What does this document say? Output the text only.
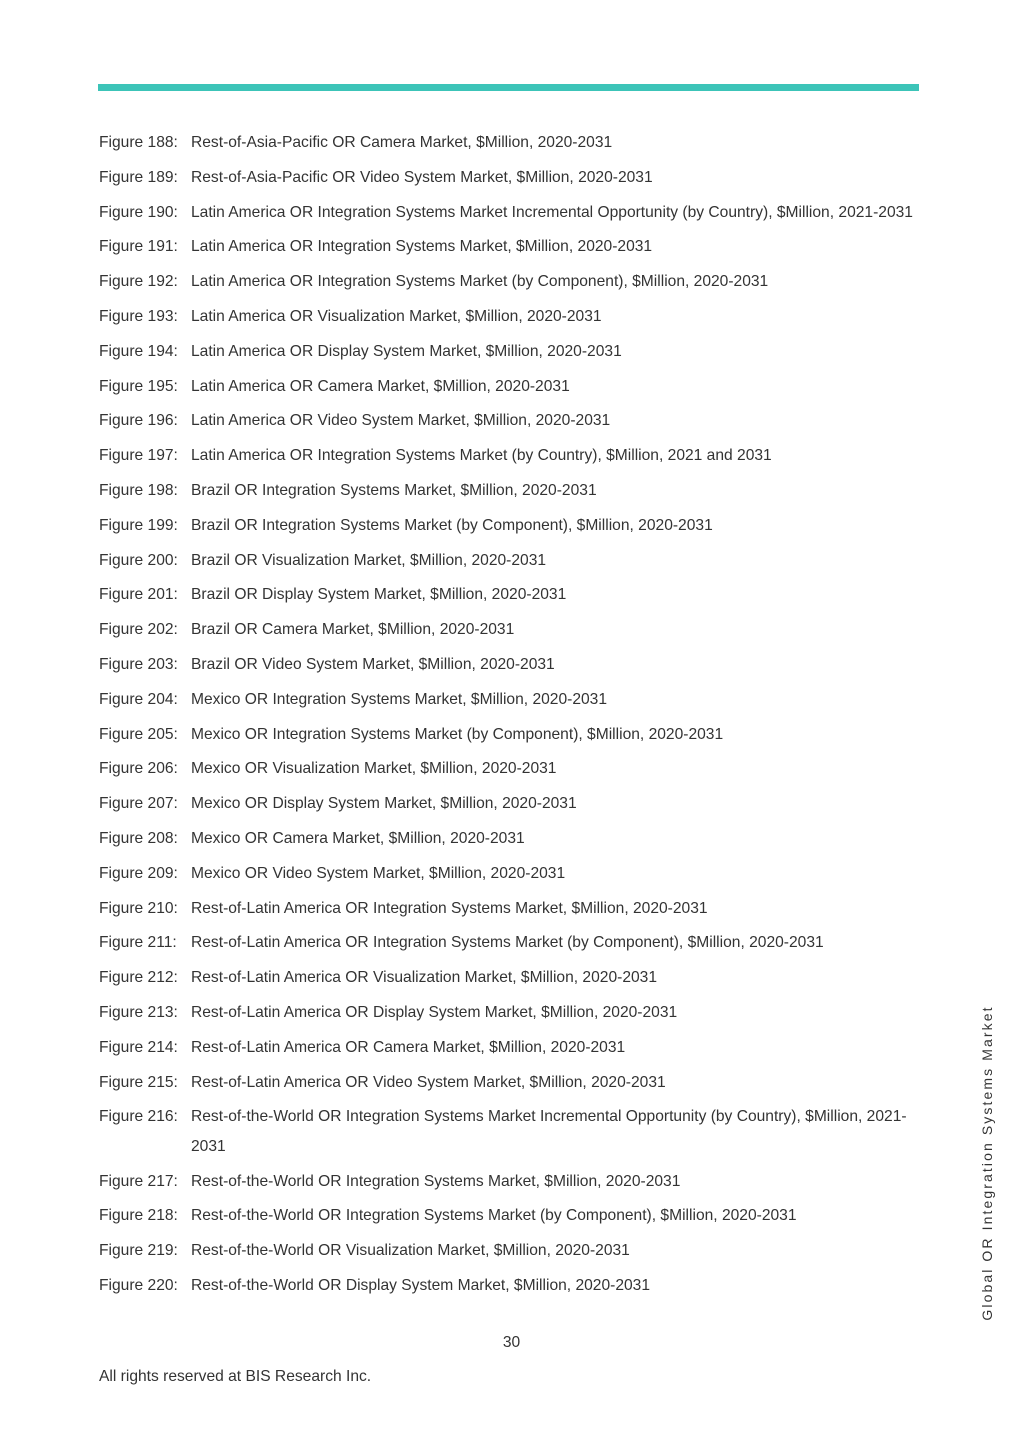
Figure 188: Rest-of-Asia-Pacific OR Camera Market, $Million, 2020-2031
Figure 189: Rest-of-Asia-Pacific OR Video System Market, $Million, 2020-2031
Figure 190: Latin America OR Integration Systems Market Incremental Opportunity (by Country), $Million, 2021-2031
Figure 191: Latin America OR Integration Systems Market, $Million, 2020-2031
Figure 192: Latin America OR Integration Systems Market (by Component), $Million, 2020-2031
Figure 193: Latin America OR Visualization Market, $Million, 2020-2031
Figure 194: Latin America OR Display System Market, $Million, 2020-2031
Figure 195: Latin America OR Camera Market, $Million, 2020-2031
Figure 196: Latin America OR Video System Market, $Million, 2020-2031
Figure 197: Latin America OR Integration Systems Market (by Country), $Million, 2021 and 2031
Figure 198: Brazil OR Integration Systems Market, $Million, 2020-2031
Figure 199: Brazil OR Integration Systems Market (by Component), $Million, 2020-2031
Figure 200: Brazil OR Visualization Market, $Million, 2020-2031
Figure 201: Brazil OR Display System Market, $Million, 2020-2031
Figure 202: Brazil OR Camera Market, $Million, 2020-2031
Figure 203: Brazil OR Video System Market, $Million, 2020-2031
Figure 204: Mexico OR Integration Systems Market, $Million, 2020-2031
Figure 205: Mexico OR Integration Systems Market (by Component), $Million, 2020-2031
Figure 206: Mexico OR Visualization Market, $Million, 2020-2031
Figure 207: Mexico OR Display System Market, $Million, 2020-2031
Figure 208: Mexico OR Camera Market, $Million, 2020-2031
Figure 209: Mexico OR Video System Market, $Million, 2020-2031
Figure 210: Rest-of-Latin America OR Integration Systems Market, $Million, 2020-2031
Figure 211: Rest-of-Latin America OR Integration Systems Market (by Component), $Million, 2020-2031
Figure 212: Rest-of-Latin America OR Visualization Market, $Million, 2020-2031
Figure 213: Rest-of-Latin America OR Display System Market, $Million, 2020-2031
Figure 214: Rest-of-Latin America OR Camera Market, $Million, 2020-2031
Figure 215: Rest-of-Latin America OR Video System Market, $Million, 2020-2031
Figure 216: Rest-of-the-World OR Integration Systems Market Incremental Opportunity (by Country), $Million, 2021-2031
Figure 217: Rest-of-the-World OR Integration Systems Market, $Million, 2020-2031
Figure 218: Rest-of-the-World OR Integration Systems Market (by Component), $Million, 2020-2031
Figure 219: Rest-of-the-World OR Visualization Market, $Million, 2020-2031
Figure 220: Rest-of-the-World OR Display System Market, $Million, 2020-2031
30
All rights reserved at BIS Research Inc.
Global OR Integration Systems Market
